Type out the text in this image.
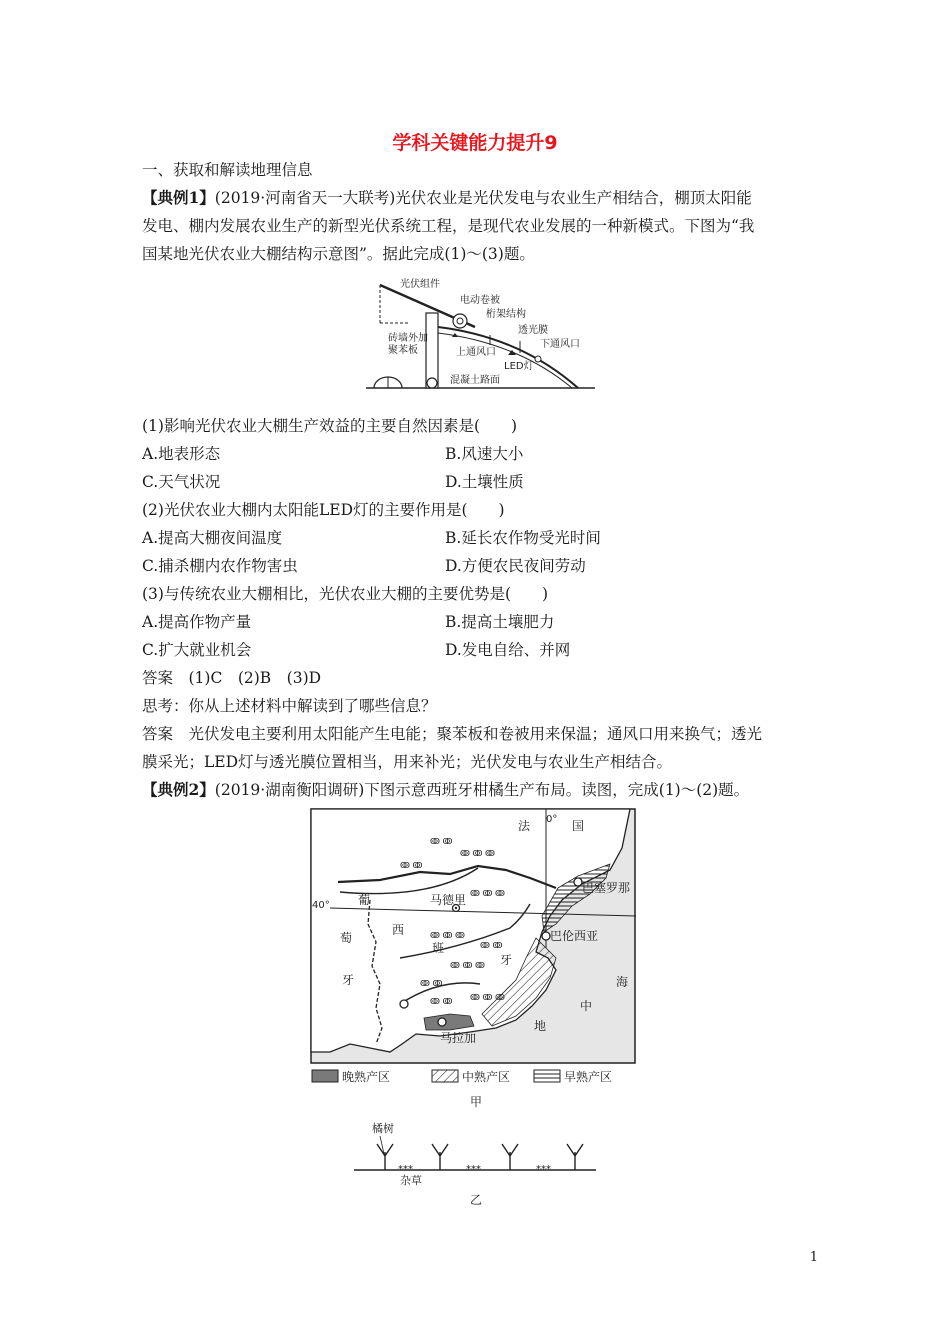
学科关键能力提升9
一、获取和解读地理信息
【典例1】(2019·河南省天一大联考)光伏农业是光伏发电与农业生产相结合，棚顶太阳能
发电、棚内发展农业生产的新型光伏系统工程，是现代农业发展的一种新模式。下图为“我
国某地光伏农业大棚结构示意图”。据此完成(1)～(3)题。
光伏组件
电动卷被
桁架结构
透光膜
砖墙外加
聚苯板	上通风口
下通风口
LED灯
混凝土路面
(1)影响光伏农业大棚生产效益的主要自然因素是(　　)
A.地表形态	B.风速大小
C.天气状况	D.土壤性质
(2)光伏农业大棚内太阳能LED灯的主要作用是(　　)
A.提高大棚夜间温度	B.延长农作物受光时间
C.捕杀棚内农作物害虫	D.方便农民夜间劳动
(3)与传统农业大棚相比，光伏农业大棚的主要优势是(　　)
A.提高作物产量	B.提高土壤肥力
C.扩大就业机会	D.发电自给、并网
答案　(1)C　(2)B　(3)D
思考：你从上述材料中解读到了哪些信息？
答案　光伏发电主要利用太阳能产生电能；聚苯板和卷被用来保温；通风口用来换气；透光
膜采光；LED灯与透光膜位置相当，用来补光；光伏发电与农业生产相结合。
【典例2】(2019·湖南衡阳调研)下图示意西班牙柑橘生产布局。读图，完成(1)～(2)题。
ↂ ↂ
ↂ ↂ ↂ
ↂ ↂ
ↂ ↂ ↂ
ↂ ↂ ↂ
ↂ ↂ
ↂ ↂ ↂ
ↂ ↂ
ↂ ↂ ↂ
ↂ ↂ
法	国
0°
40° 葡
萄
牙
西
班
牙
马德里
巴塞罗那
巴伦西亚
马拉加
海
中
地
晚熟产区	中熟产区	早熟产区
甲
橘树
⁎⁎⁎	⁎⁎⁎	⁎⁎⁎
杂草
乙
1
